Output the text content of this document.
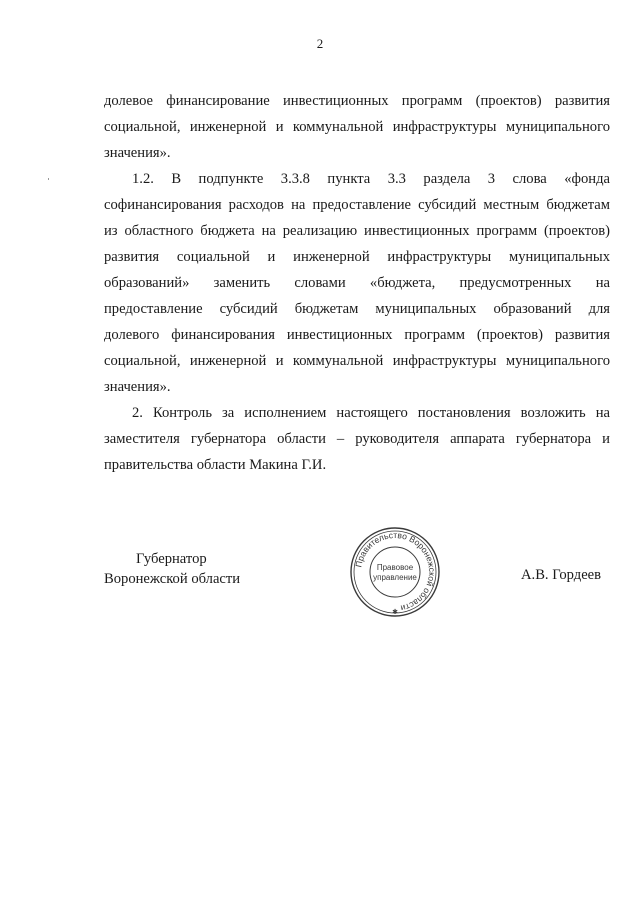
2

долевое финансирование инвестиционных программ (проектов) развития
социальной, инженерной и коммунальной инфраструктуры муниципального
значения».

1.2. В подпункте 3.3.8 пункта 3.3 раздела 3 слова «фонда
софинансирования расходов на предоставление субсидий местным бюджетам
из областного бюджета на реализацию инвестиционных программ (проектов)
развития социальной и инженерной инфраструктуры муниципальных
образований» заменить словами «бюджета, предусмотренных на
предоставление субсидий бюджетам муниципальных образований для
долевого финансирования инвестиционных программ (проектов) развития
социальной, инженерной и коммунальной инфраструктуры муниципального
значения».

2. Контроль за исполнением настоящего постановления возложить на
заместителя губернатора области – руководителя аппарата губернатора и
правительства области Макина Г.И.

Губернатор
Воронежской области
Правительство Воронежской области
Правовое
управление
✱
А.В. Гордеев
